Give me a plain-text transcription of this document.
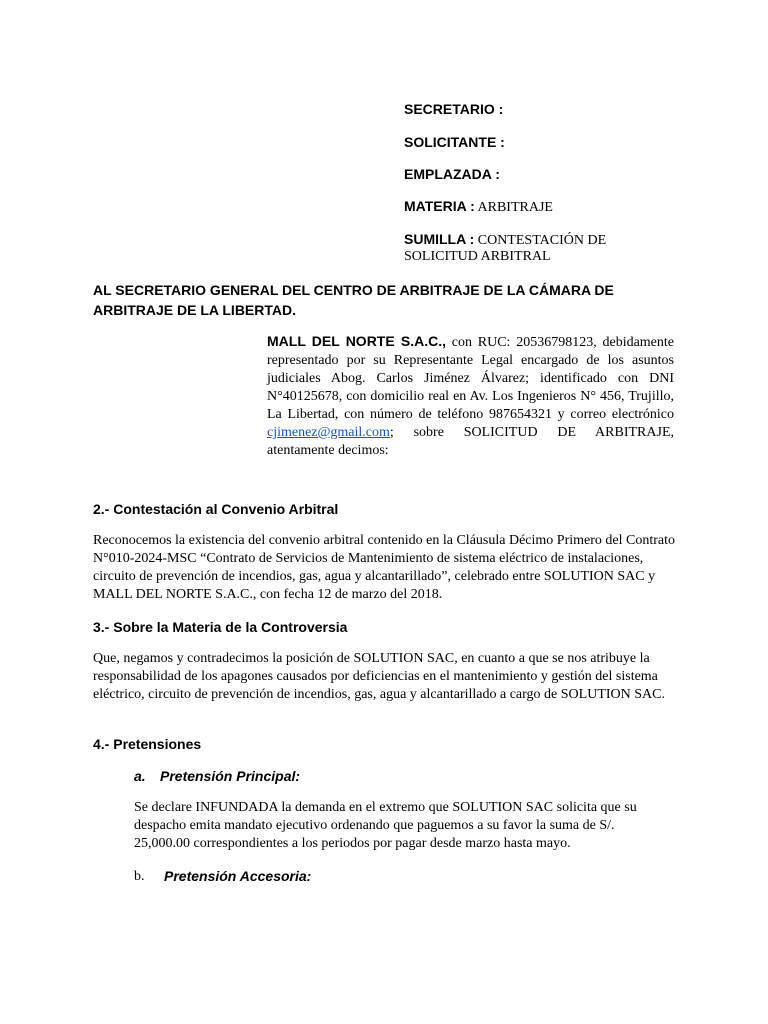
SECRETARIO :
SOLICITANTE :
EMPLAZADA :
MATERIA : ARBITRAJE
SUMILLA : CONTESTACIÓN DE
SOLICITUD ARBITRAL
AL SECRETARIO GENERAL DEL CENTRO DE ARBITRAJE DE LA CÁMARA DE ARBITRAJE DE LA LIBERTAD.
MALL DEL NORTE S.A.C., con RUC: 20536798123, debidamente representado por su Representante Legal encargado de los asuntos judiciales Abog. Carlos Jiménez Álvarez; identificado con DNI N°40125678, con domicilio real en Av. Los Ingenieros N° 456, Trujillo, La Libertad, con número de teléfono 987654321 y correo electrónico cjimenez@gmail.com; sobre SOLICITUD DE ARBITRAJE, atentamente decimos:
2.- Contestación al Convenio Arbitral
Reconocemos la existencia del convenio arbitral contenido en la Cláusula Décimo Primero del Contrato N°010-2024-MSC “Contrato de Servicios de Mantenimiento de sistema eléctrico de instalaciones, circuito de prevención de incendios, gas, agua y alcantarillado”, celebrado entre SOLUTION SAC y MALL DEL NORTE S.A.C., con fecha 12 de marzo del 2018.
3.- Sobre la Materia de la Controversia
Que, negamos y contradecimos la posición de SOLUTION SAC, en cuanto a que se nos atribuye la responsabilidad de los apagones causados por deficiencias en el mantenimiento y gestión del sistema eléctrico, circuito de prevención de incendios, gas, agua y alcantarillado a cargo de SOLUTION SAC.
4.- Pretensiones
a. Pretensión Principal:
Se declare INFUNDADA la demanda en el extremo que SOLUTION SAC solicita que su despacho emita mandato ejecutivo ordenando que paguemos a su favor la suma de S/. 25,000.00 correspondientes a los periodos por pagar desde marzo hasta mayo.
b. Pretensión Accesoria:
